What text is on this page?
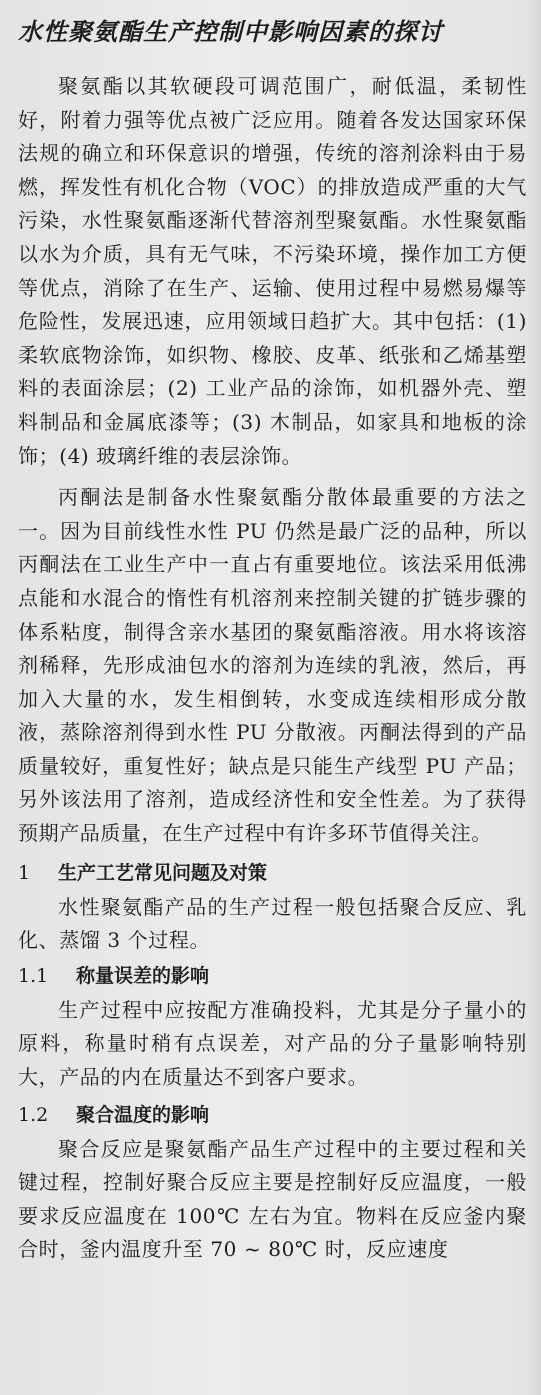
水性聚氨酯生产控制中影响因素的探讨

聚氨酯以其软硬段可调范围广，耐低温，柔韧性好，附着力强等优点被广泛应用。随着各发达国家环保法规的确立和环保意识的增强，传统的溶剂涂料由于易燃，挥发性有机化合物（VOC）的排放造成严重的大气污染，水性聚氨酯逐渐代替溶剂型聚氨酯。水性聚氨酯以水为介质，具有无气味，不污染环境，操作加工方便等优点，消除了在生产、运输、使用过程中易燃易爆等危险性，发展迅速，应用领域日趋扩大。其中包括：(1) 柔软底物涂饰，如织物、橡胶、皮革、纸张和乙烯基塑料的表面涂层；(2) 工业产品的涂饰，如机器外壳、塑料制品和金属底漆等；(3) 木制品，如家具和地板的涂饰；(4) 玻璃纤维的表层涂饰。

丙酮法是制备水性聚氨酯分散体最重要的方法之一。因为目前线性水性 PU 仍然是最广泛的品种，所以丙酮法在工业生产中一直占有重要地位。该法采用低沸点能和水混合的惰性有机溶剂来控制关键的扩链步骤的体系粘度，制得含亲水基团的聚氨酯溶液。用水将该溶剂稀释，先形成油包水的溶剂为连续的乳液，然后，再加入大量的水，发生相倒转，水变成连续相形成分散液，蒸除溶剂得到水性 PU 分散液。丙酮法得到的产品质量较好，重复性好；缺点是只能生产线型 PU 产品；另外该法用了溶剂，造成经济性和安全性差。为了获得预期产品质量，在生产过程中有许多环节值得关注。

1 生产工艺常见问题及对策

水性聚氨酯产品的生产过程一般包括聚合反应、乳化、蒸馏 3 个过程。

1.1 称量误差的影响

生产过程中应按配方准确投料，尤其是分子量小的原料，称量时稍有点误差，对产品的分子量影响特别大，产品的内在质量达不到客户要求。

1.2 聚合温度的影响

聚合反应是聚氨酯产品生产过程中的主要过程和关键过程，控制好聚合反应主要是控制好反应温度，一般要求反应温度在 100℃ 左右为宜。物料在反应釜内聚合时，釜内温度升至 70 ~ 80℃ 时，反应速度
